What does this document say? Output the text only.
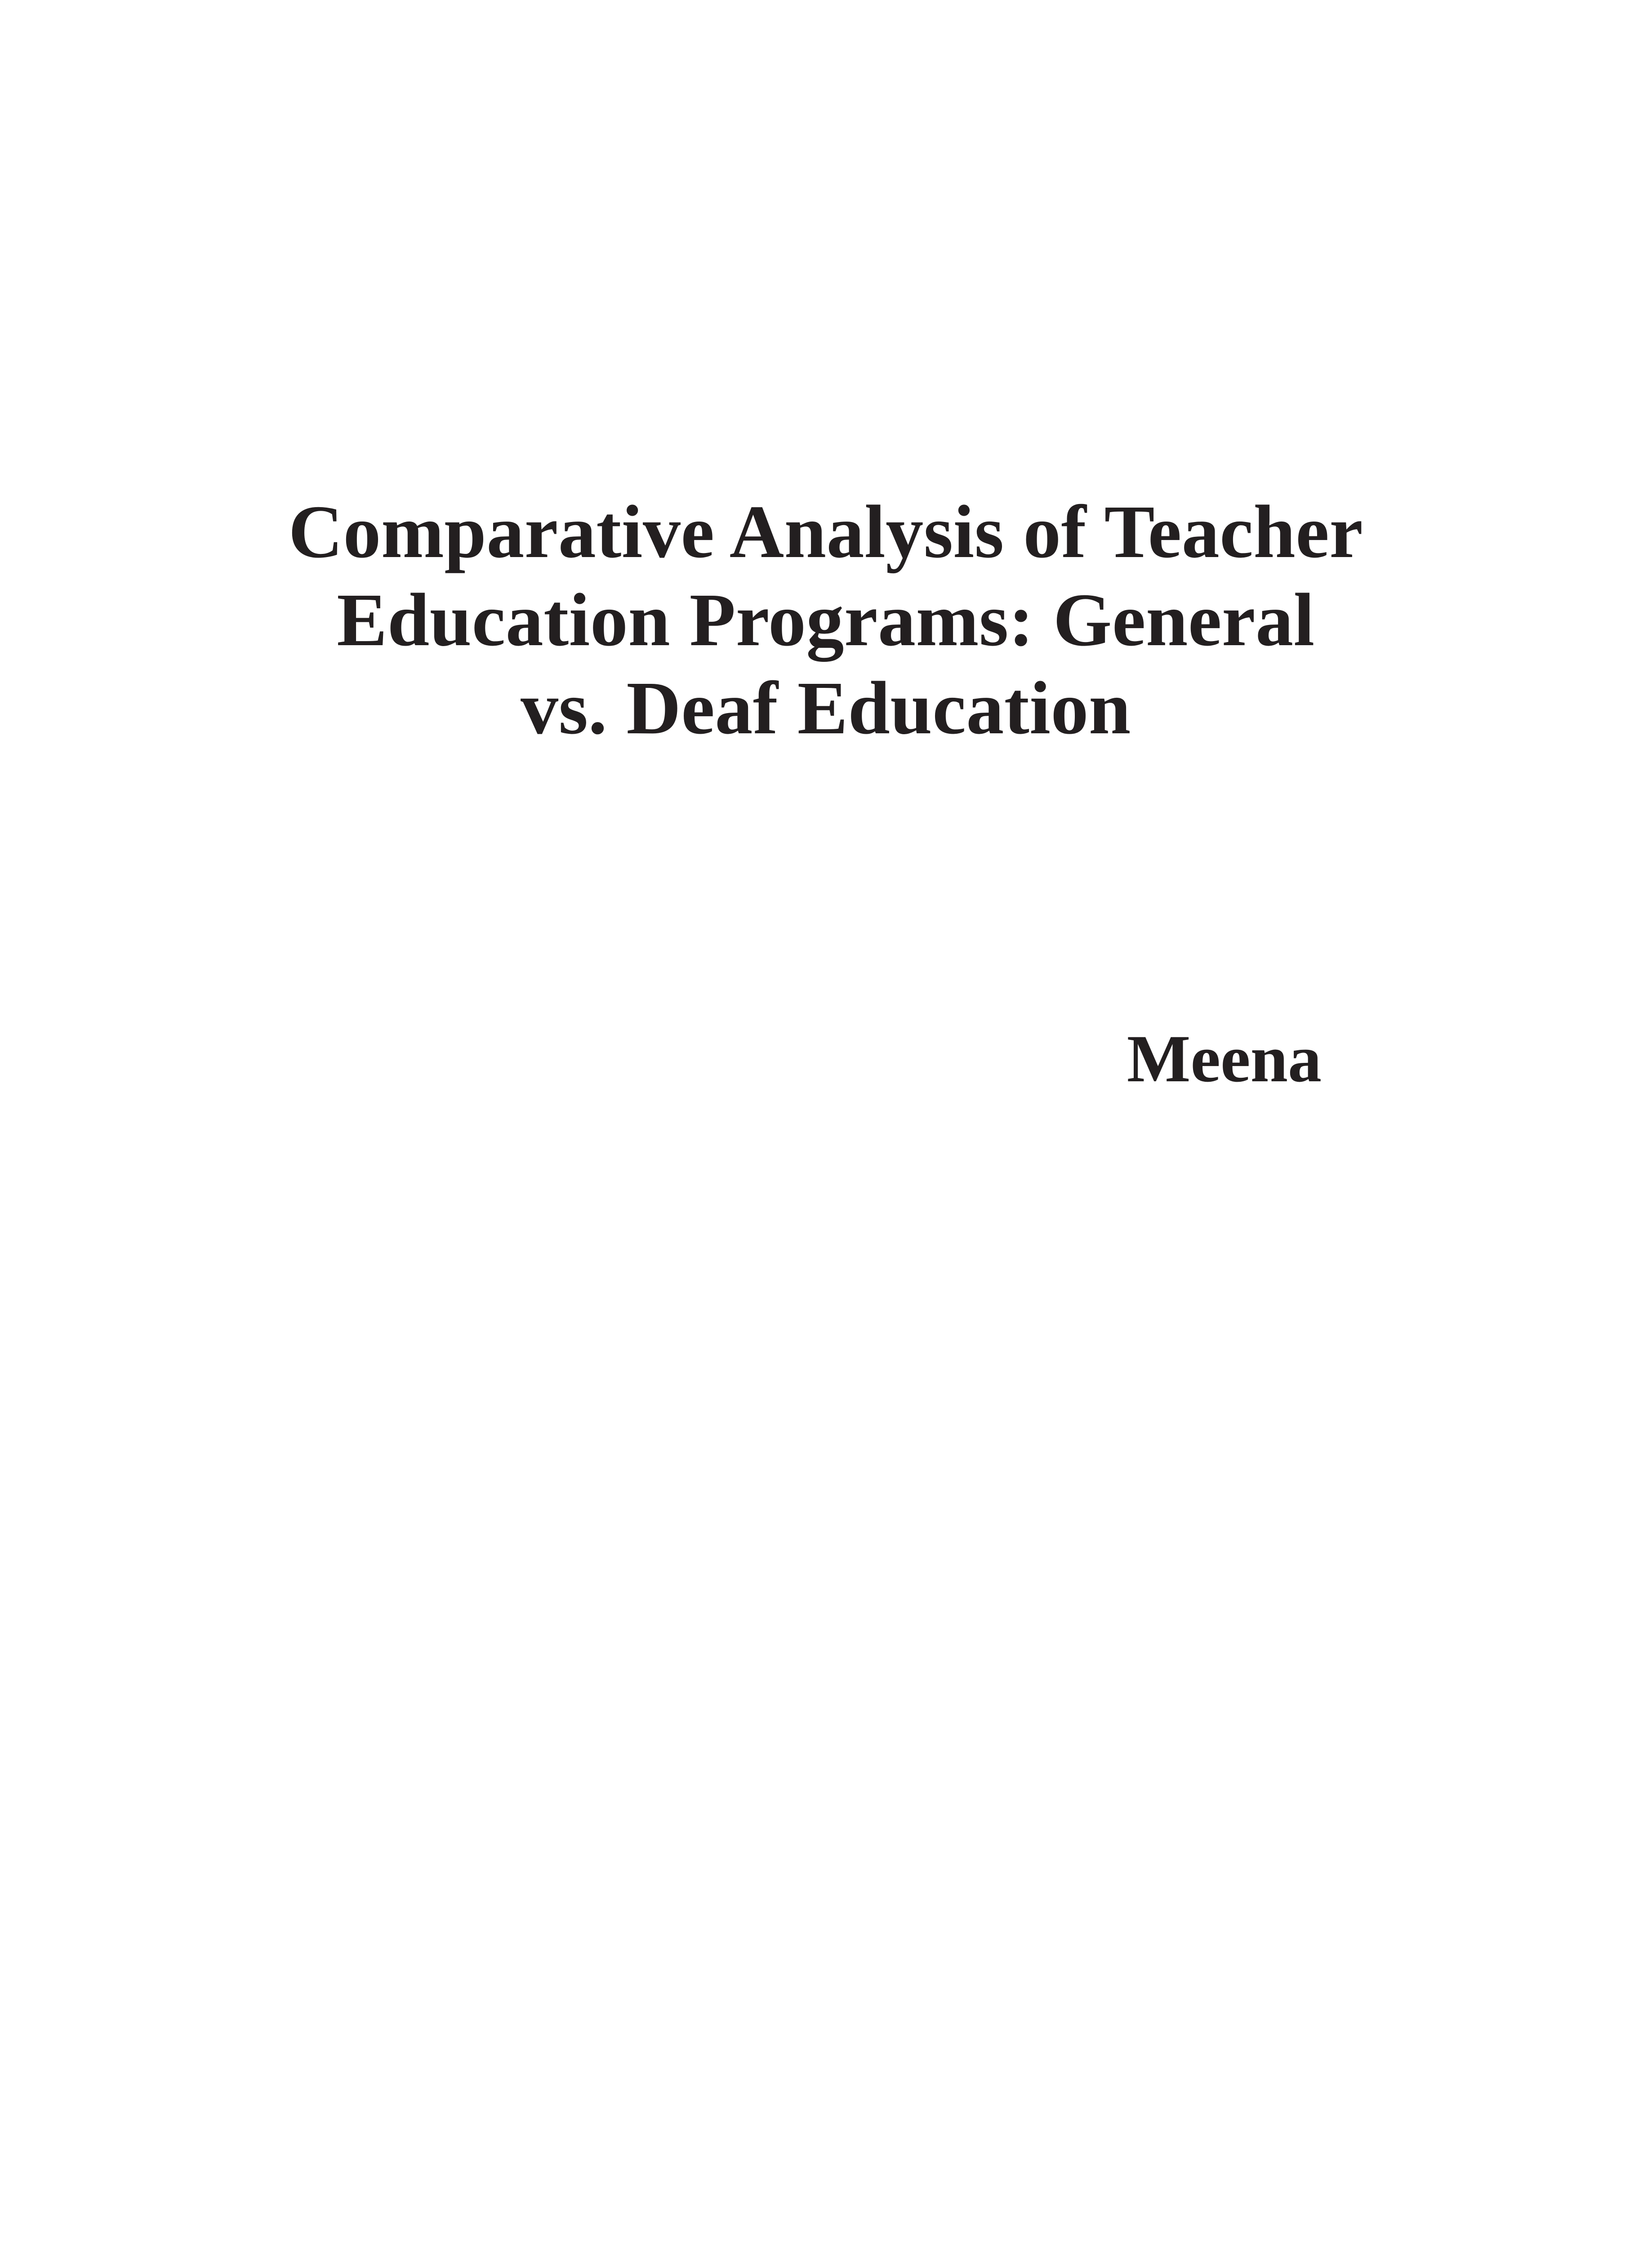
Comparative Analysis of Teacher
Education Programs: General
vs. Deaf Education
Meena
